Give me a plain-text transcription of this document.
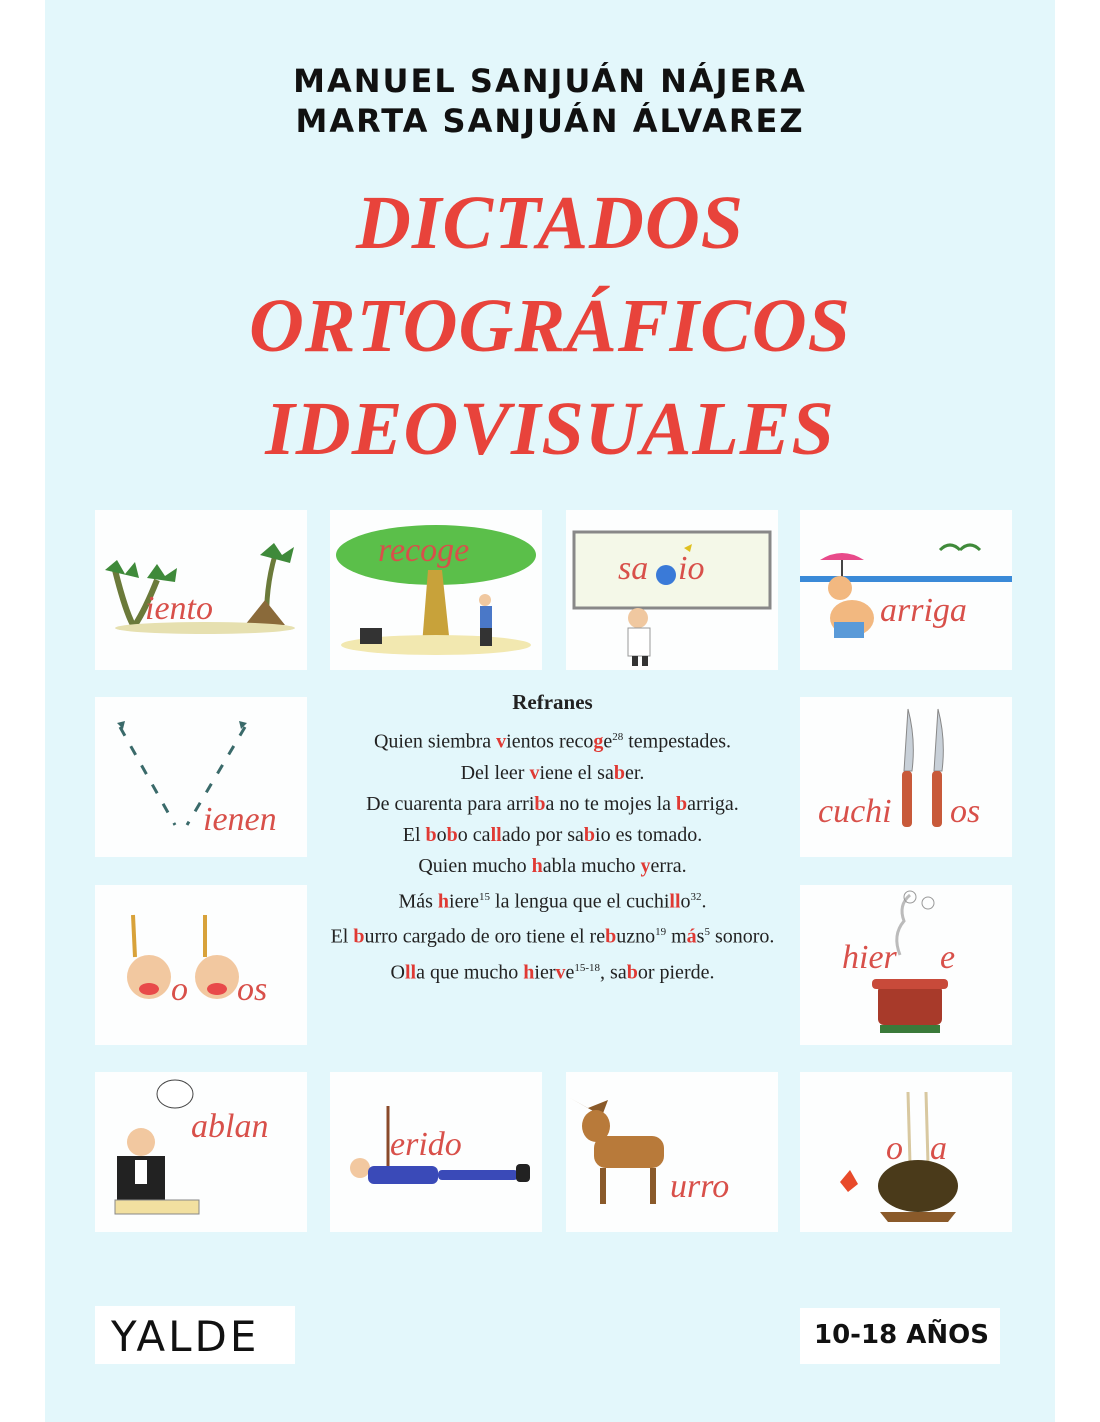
MANUEL SANJUÁN NÁJERA
MARTA SANJUÁN ÁLVAREZ
DICTADOS
ORTOGRÁFICOS
IDEOVISUALES
iento
recoge	sa io
arriga
ienen	cuchi os
Refranes
Quien siembra vientos recoge$^{28}$ tempestades.
Del leer viene el saber.
De cuarenta para arriba no te mojes la barriga.
El bobo callado por sabio es tomado.
Quien mucho habla mucho yerra.
Más hiere$^{15}$ la lengua que el cuchillo$^{32}$.
El burro cargado de oro tiene el rebuzno$^{19}$ más$^5$ sonoro.
Olla que mucho hierve$^{15-18}$, sabor pierde.
o os
hier e
ablan	erido
urro
o a
YALDE	10-18 AÑOS
